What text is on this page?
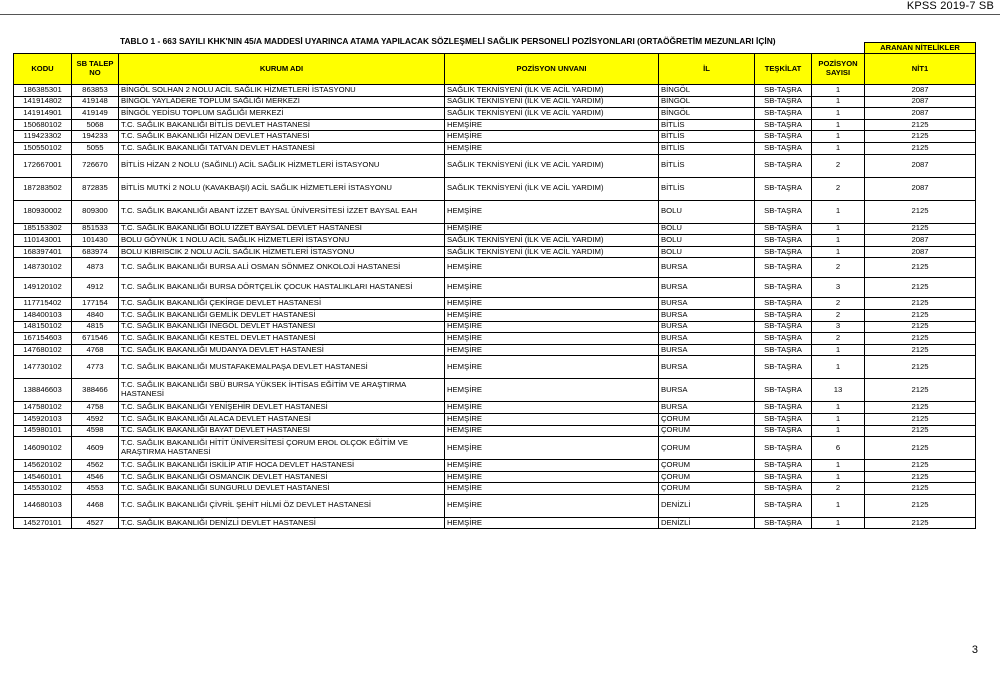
KPSS 2019-7 SB
TABLO 1 - 663 SAYILI KHK'NIN 45/A MADDESİ UYARINCA ATAMA YAPILACAK SÖZLEŞMELİ SAĞLIK PERSONELİ POZİSYONLARI (ORTAÖĞRETİM MEZUNLARI İÇİN)
							ARANAN NİTELİKLER
KODU	SB TALEP NO	KURUM ADI	POZİSYON UNVANI	İL	TEŞKİLAT	POZİSYON SAYISI	NİT1
186385301	863853	BİNGÖL SOLHAN 2 NOLU ACİL SAĞLIK HİZMETLERİ İSTASYONU	SAĞLIK TEKNİSYENİ (İLK VE ACİL YARDIM)	BİNGÖL	SB-TAŞRA	1	2087
141914802	419148	BİNGÖL YAYLADERE TOPLUM SAĞLIĞI MERKEZİ	SAĞLIK TEKNİSYENİ (İLK VE ACİL YARDIM)	BİNGÖL	SB-TAŞRA	1	2087
141914901	419149	BİNGÖL YEDİSU TOPLUM SAĞLIĞI MERKEZİ	SAĞLIK TEKNİSYENİ (İLK VE ACİL YARDIM)	BİNGÖL	SB-TAŞRA	1	2087
150680102	5068	T.C. SAĞLIK BAKANLIĞI BİTLİS DEVLET HASTANESİ	HEMŞİRE	BİTLİS	SB-TAŞRA	1	2125
119423302	194233	T.C. SAĞLIK BAKANLIĞI HİZAN DEVLET HASTANESİ	HEMŞİRE	BİTLİS	SB-TAŞRA	1	2125
150550102	5055	T.C. SAĞLIK BAKANLIĞI TATVAN DEVLET HASTANESİ	HEMŞİRE	BİTLİS	SB-TAŞRA	1	2125
172667001	726670	BİTLİS HİZAN 2 NOLU (SAĞINLI) ACİL SAĞLIK HİZMETLERİ İSTASYONU	SAĞLIK TEKNİSYENİ (İLK VE ACİL YARDIM)	BİTLİS	SB-TAŞRA	2	2087
187283502	872835	BİTLİS MUTKİ 2 NOLU (KAVAKBAŞI) ACİL SAĞLIK HİZMETLERİ İSTASYONU	SAĞLIK TEKNİSYENİ (İLK VE ACİL YARDIM)	BİTLİS	SB-TAŞRA	2	2087
180930002	809300	T.C. SAĞLIK BAKANLIĞI ABANT İZZET BAYSAL ÜNİVERSİTESİ İZZET BAYSAL EAH	HEMŞİRE	BOLU	SB-TAŞRA	1	2125
185153302	851533	T.C. SAĞLIK BAKANLIĞI BOLU İZZET BAYSAL DEVLET HASTANESİ	HEMŞİRE	BOLU	SB-TAŞRA	1	2125
110143001	101430	BOLU GÖYNÜK 1 NOLU ACİL SAĞLIK HİZMETLERİ İSTASYONU	SAĞLIK TEKNİSYENİ (İLK VE ACİL YARDIM)	BOLU	SB-TAŞRA	1	2087
168397401	683974	BOLU KIBRISCIK 2 NOLU ACİL SAĞLIK HİZMETLERİ İSTASYONU	SAĞLIK TEKNİSYENİ (İLK VE ACİL YARDIM)	BOLU	SB-TAŞRA	1	2087
148730102	4873	T.C. SAĞLIK BAKANLIĞI BURSA ALİ OSMAN SÖNMEZ ONKOLOJİ HASTANESİ	HEMŞİRE	BURSA	SB-TAŞRA	2	2125
149120102	4912	T.C. SAĞLIK BAKANLIĞI BURSA DÖRTÇELİK ÇOCUK HASTALIKLARI HASTANESİ	HEMŞİRE	BURSA	SB-TAŞRA	3	2125
117715402	177154	T.C. SAĞLIK BAKANLIĞI ÇEKİRGE DEVLET HASTANESİ	HEMŞİRE	BURSA	SB-TAŞRA	2	2125
148400103	4840	T.C. SAĞLIK BAKANLIĞI GEMLİK DEVLET HASTANESİ	HEMŞİRE	BURSA	SB-TAŞRA	2	2125
148150102	4815	T.C. SAĞLIK BAKANLIĞI İNEGÖL DEVLET HASTANESİ	HEMŞİRE	BURSA	SB-TAŞRA	3	2125
167154603	671546	T.C. SAĞLIK BAKANLIĞI KESTEL DEVLET HASTANESİ	HEMŞİRE	BURSA	SB-TAŞRA	2	2125
147680102	4768	T.C. SAĞLIK BAKANLIĞI MUDANYA DEVLET HASTANESİ	HEMŞİRE	BURSA	SB-TAŞRA	1	2125
147730102	4773	T.C. SAĞLIK BAKANLIĞI MUSTAFAKEMALPAŞA DEVLET HASTANESİ	HEMŞİRE	BURSA	SB-TAŞRA	1	2125
138846603	388466	T.C. SAĞLIK BAKANLIĞI SBÜ BURSA YÜKSEK İHTİSAS EĞİTİM VE ARAŞTIRMA HASTANESİ	HEMŞİRE	BURSA	SB-TAŞRA	13	2125
147580102	4758	T.C. SAĞLIK BAKANLIĞI YENİŞEHİR DEVLET HASTANESİ	HEMŞİRE	BURSA	SB-TAŞRA	1	2125
145920103	4592	T.C. SAĞLIK BAKANLIĞI ALACA DEVLET HASTANESİ	HEMŞİRE	ÇORUM	SB-TAŞRA	1	2125
145980101	4598	T.C. SAĞLIK BAKANLIĞI BAYAT DEVLET HASTANESİ	HEMŞİRE	ÇORUM	SB-TAŞRA	1	2125
146090102	4609	T.C. SAĞLIK BAKANLIĞI HİTİT ÜNİVERSİTESİ ÇORUM EROL OLÇOK EĞİTİM VE ARAŞTIRMA HASTANESİ	HEMŞİRE	ÇORUM	SB-TAŞRA	6	2125
145620102	4562	T.C. SAĞLIK BAKANLIĞI İSKİLİP ATIF HOCA DEVLET HASTANESİ	HEMŞİRE	ÇORUM	SB-TAŞRA	1	2125
145460101	4546	T.C. SAĞLIK BAKANLIĞI OSMANCIK DEVLET HASTANESİ	HEMŞİRE	ÇORUM	SB-TAŞRA	1	2125
145530102	4553	T.C. SAĞLIK BAKANLIĞI SUNGURLU DEVLET HASTANESİ	HEMŞİRE	ÇORUM	SB-TAŞRA	2	2125
144680103	4468	T.C. SAĞLIK BAKANLIĞI ÇİVRİL ŞEHİT HİLMİ ÖZ DEVLET HASTANESİ	HEMŞİRE	DENİZLİ	SB-TAŞRA	1	2125
145270101	4527	T.C. SAĞLIK BAKANLIĞI DENİZLİ DEVLET HASTANESİ	HEMŞİRE	DENİZLİ	SB-TAŞRA	1	2125
3
